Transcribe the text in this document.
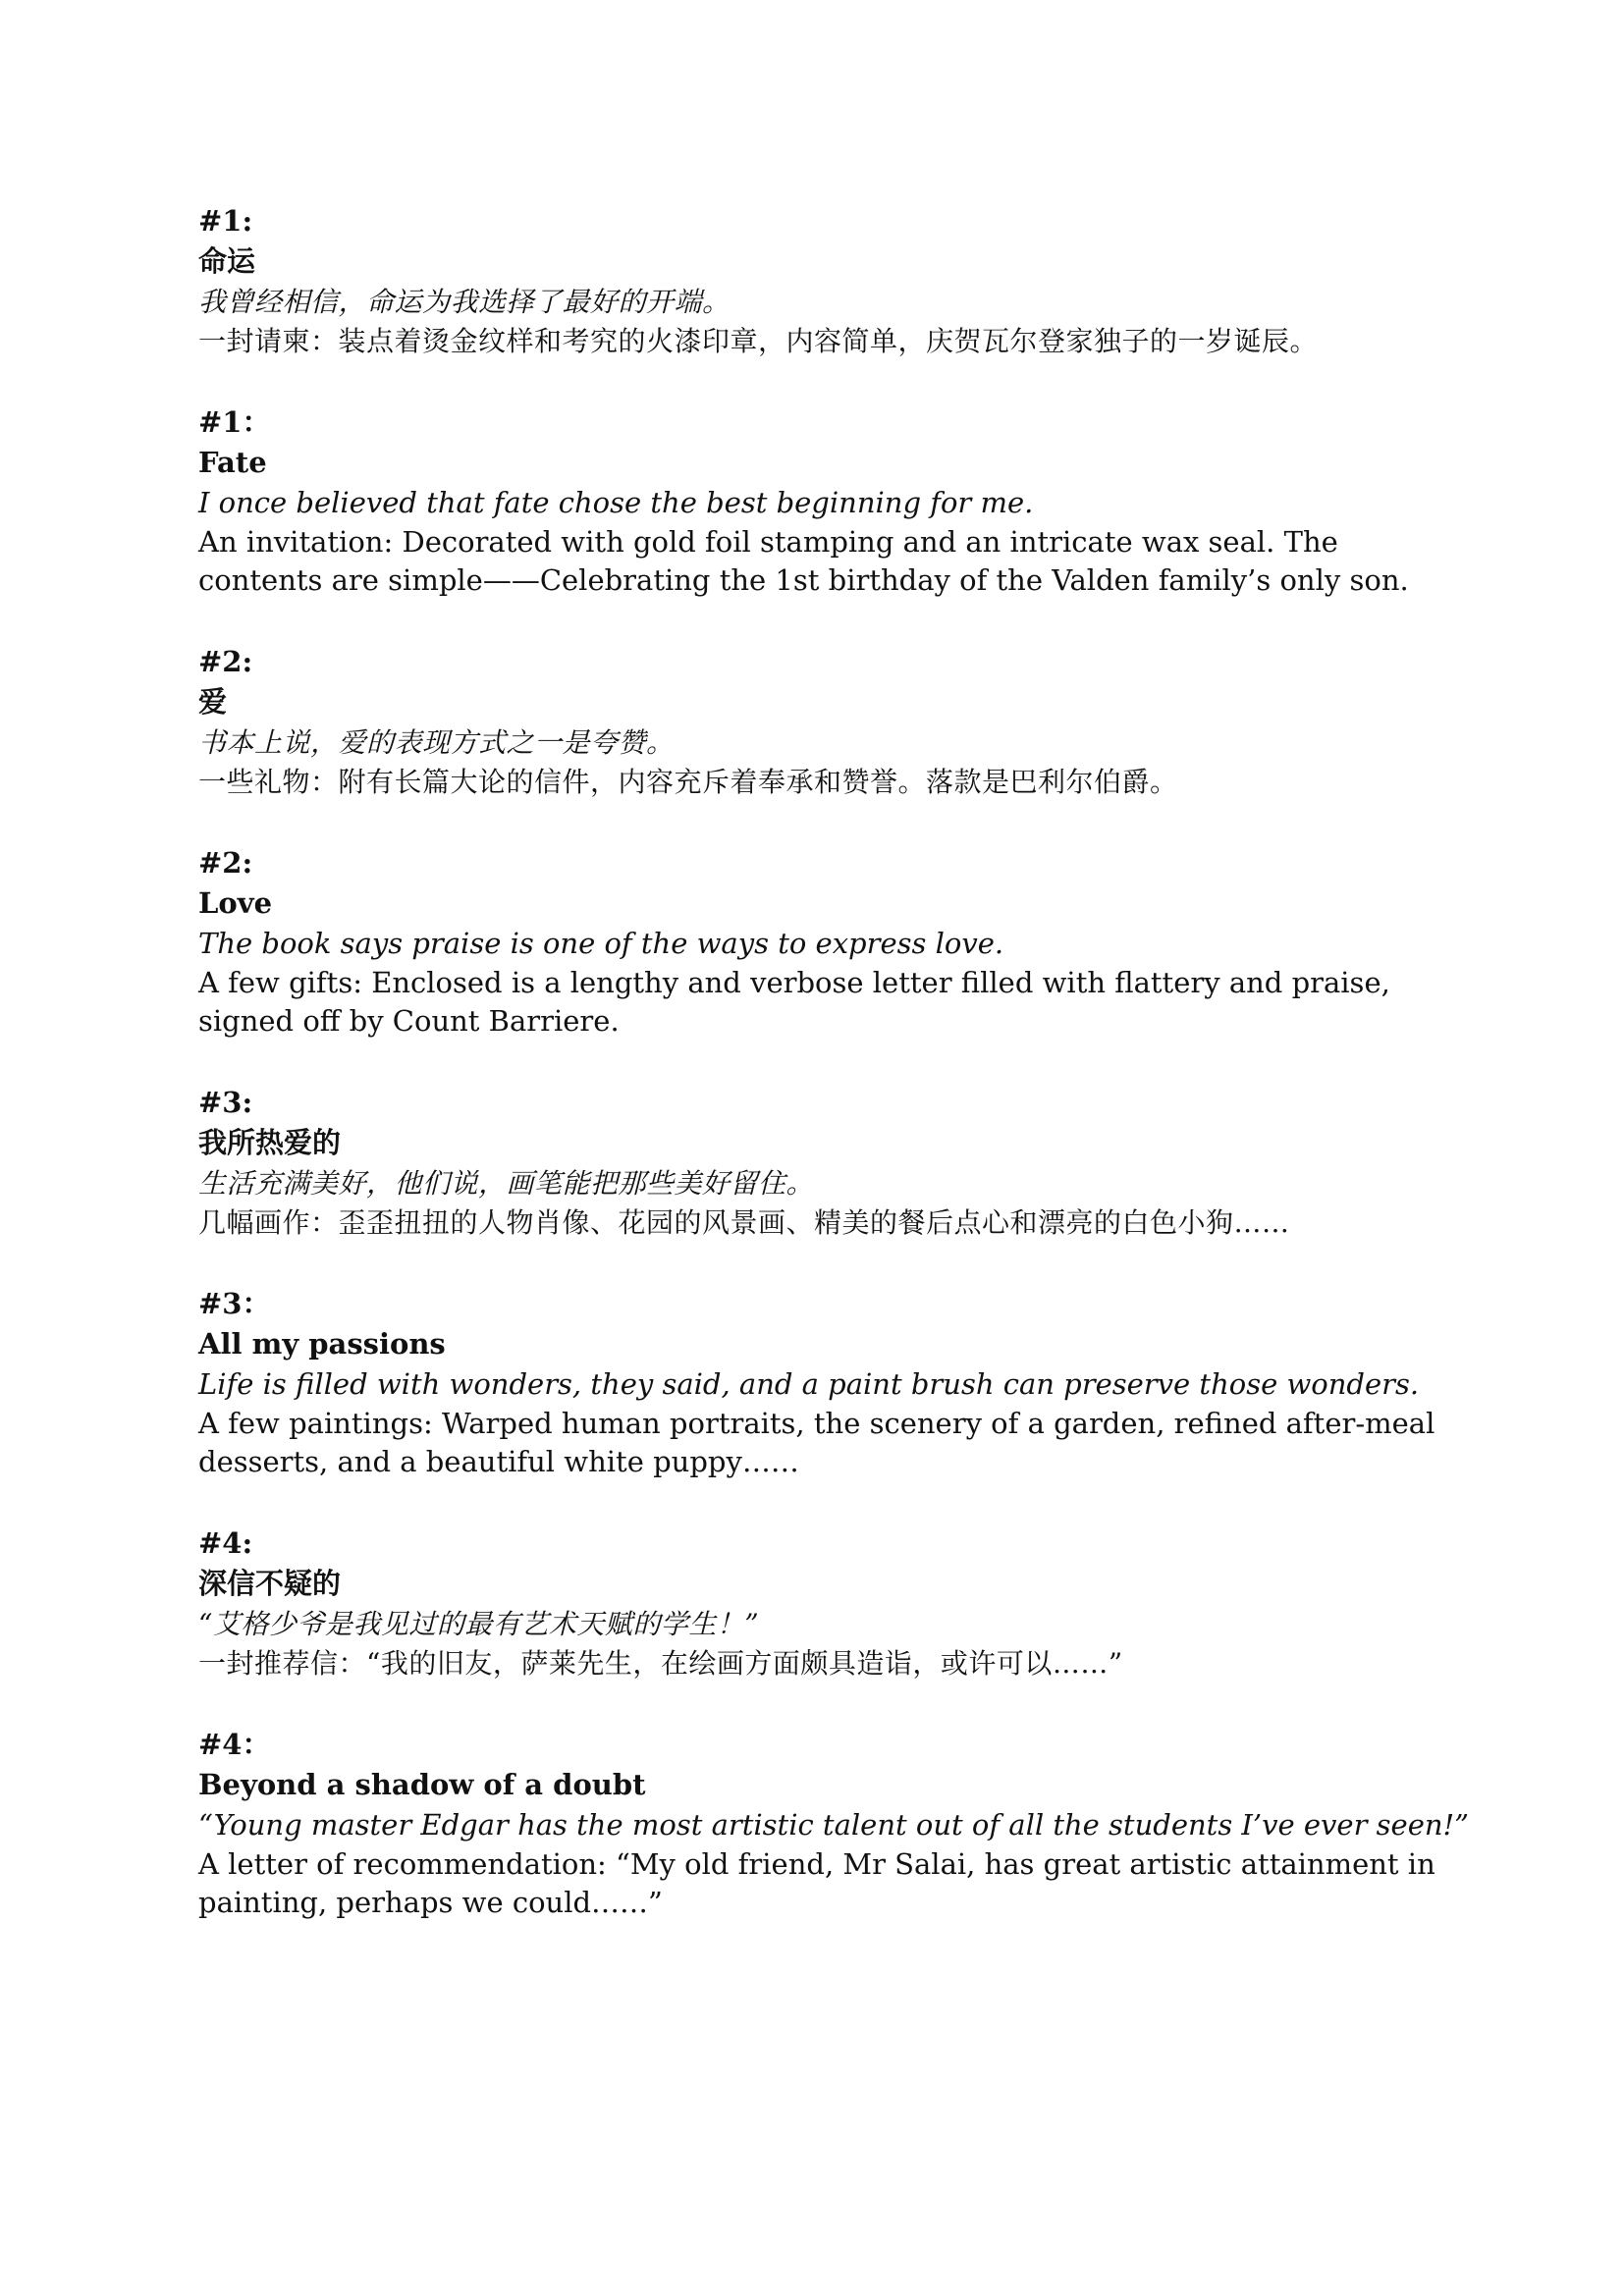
#1:
命运
我曾经相信，命运为我选择了最好的开端。
一封请柬：装点着烫金纹样和考究的火漆印章，内容简单，庆贺瓦尔登家独子的一岁诞辰。
#1：
Fate
I once believed that fate chose the best beginning for me.
An invitation: Decorated with gold foil stamping and an intricate wax seal. The contents are simple——Celebrating the 1st birthday of the Valden family’s only son.
#2:
爱
书本上说，爱的表现方式之一是夸赞。
一些礼物：附有长篇大论的信件，内容充斥着奉承和赞誉。落款是巴利尔伯爵。
#2:
Love
The book says praise is one of the ways to express love.
A few gifts: Enclosed is a lengthy and verbose letter filled with flattery and praise, signed off by Count Barriere.
#3:
我所热爱的
生活充满美好，他们说，画笔能把那些美好留住。
几幅画作：歪歪扭扭的人物肖像、花园的风景画、精美的餐后点心和漂亮的白色小狗……
#3：
All my passions
Life is filled with wonders, they said, and a paint brush can preserve those wonders.
A few paintings: Warped human portraits, the scenery of a garden, refined after-meal desserts, and a beautiful white puppy……
#4:
深信不疑的
“艾格少爷是我见过的最有艺术天赋的学生！”
一封推荐信：“我的旧友，萨莱先生，在绘画方面颇具造诣，或许可以……”
#4：
Beyond a shadow of a doubt
“Young master Edgar has the most artistic talent out of all the students I’ve ever seen!”
A letter of recommendation: “My old friend, Mr Salai, has great artistic attainment in painting, perhaps we could……”
